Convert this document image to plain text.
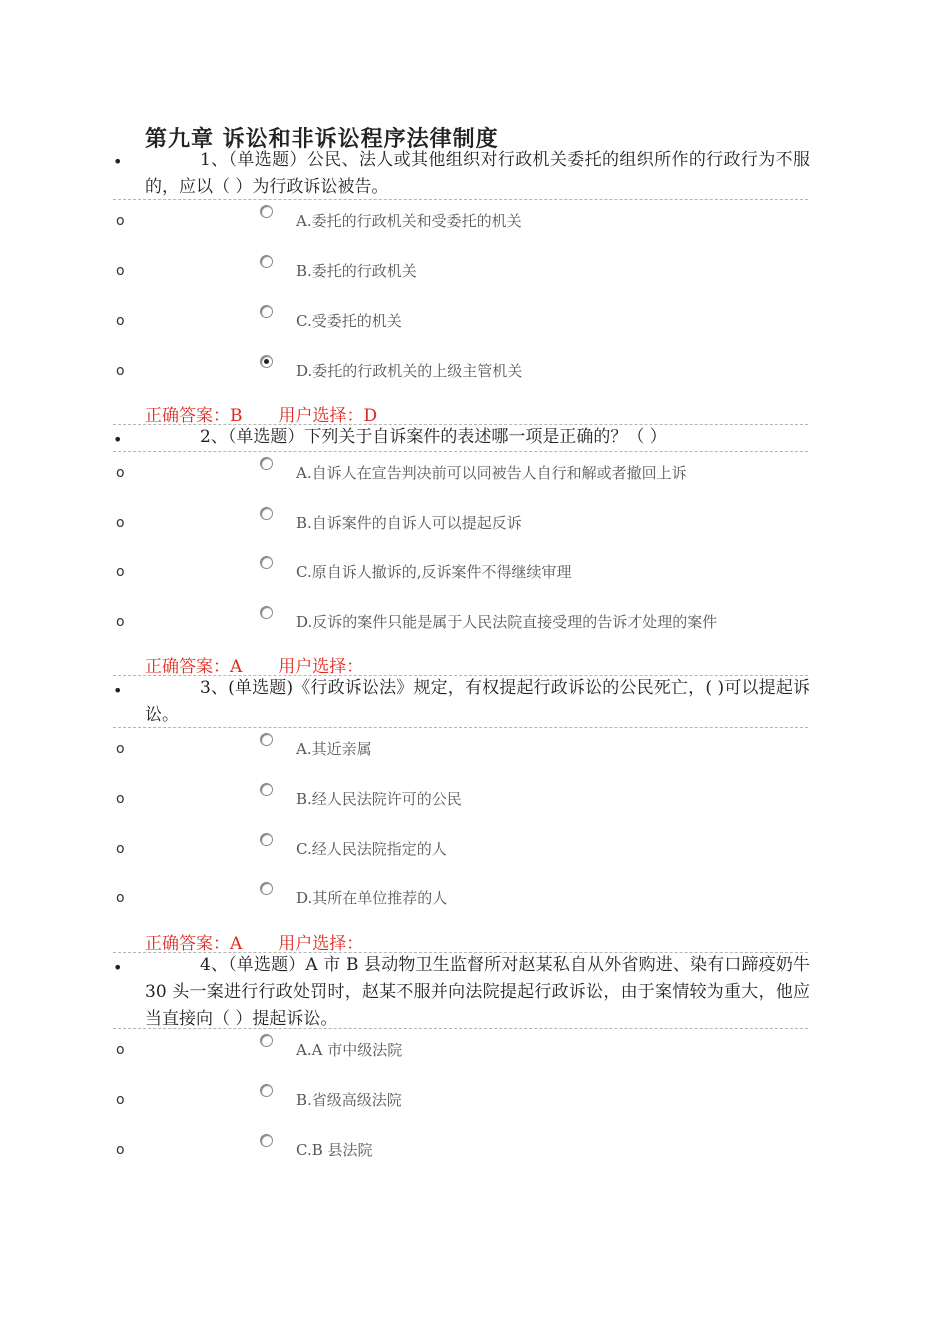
第九章 诉讼和非诉讼程序法律制度
•	1、（单选题）公民、法人或其他组织对行政机关委托的组织所作的行政行为不服的，应以（ ）为行政诉讼被告。
o	A.委托的行政机关和受委托的机关
o	B.委托的行政机关
o	C.受委托的机关
o	D.委托的行政机关的上级主管机关
正确答案：B 用户选择：D
•	2、（单选题）下列关于自诉案件的表述哪一项是正确的？（ ）
o	A.自诉人在宣告判决前可以同被告人自行和解或者撤回上诉
o	B.自诉案件的自诉人可以提起反诉
o	C.原自诉人撤诉的,反诉案件不得继续审理
o	D.反诉的案件只能是属于人民法院直接受理的告诉才处理的案件
正确答案：A 用户选择：
•	3、(单选题)《行政诉讼法》规定，有权提起行政诉讼的公民死亡，( )可以提起诉讼。
o	A.其近亲属
o	B.经人民法院许可的公民
o	C.经人民法院指定的人
o	D.其所在单位推荐的人
正确答案：A 用户选择：
•	4、（单选题）A 市 B 县动物卫生监督所对赵某私自从外省购进、染有口蹄疫奶牛 30 头一案进行行政处罚时，赵某不服并向法院提起行政诉讼，由于案情较为重大，他应当直接向（ ）提起诉讼。
o	A.A 市中级法院
o	B.省级高级法院
o	C.B 县法院
